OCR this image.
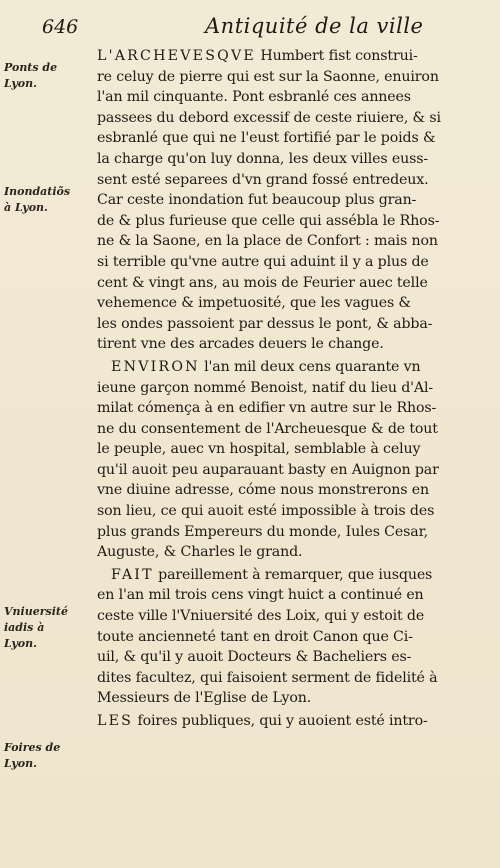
646	Antiquité de la ville
Ponts de
Lyon.
Inondatiõs
à Lyon.
Vniuersité
iadis à
Lyon.
Foires de
Lyon.
L'ARCHEVESQVE Humbert fist construi-
re celuy de pierre qui est sur la Saonne, enuiron
l'an mil cinquante. Pont esbranlé ces annees
passees du debord excessif de ceste riuiere, & si
esbranlé que qui ne l'eust fortifié par le poids &
la charge qu'on luy donna, les deux villes euss-
sent esté separees d'vn grand fossé entredeux.
Car ceste inondation fut beaucoup plus gran-
de & plus furieuse que celle qui assébla le Rhos-
ne & la Saone, en la place de Confort : mais non
si terrible qu'vne autre qui aduint il y a plus de
cent & vingt ans, au mois de Feurier auec telle
vehemence & impetuosité, que les vagues &
les ondes passoient par dessus le pont, & abba-
tirent vne des arcades deuers le change.
 ENVIRON l'an mil deux cens quarante vn
ieune garçon nommé Benoist, natif du lieu d'Al-
milat cómença à en edifier vn autre sur le Rhos-
ne du consentement de l'Archeuesque & de tout
le peuple, auec vn hospital, semblable à celuy
qu'il auoit peu auparauant basty en Auignon par
vne diuine adresse, cóme nous monstrerons en
son lieu, ce qui auoit esté impossible à trois des
plus grands Empereurs du monde, Iules Cesar,
Auguste, & Charles le grand.
 FAIT pareillement à remarquer, que iusques
en l'an mil trois cens vingt huict a continué en
ceste ville l'Vniuersité des Loix, qui y estoit de
toute ancienneté tant en droit Canon que Ci-
uil, & qu'il y auoit Docteurs & Bacheliers es-
dites facultez, qui faisoient serment de fidelité à
Messieurs de l'Eglise de Lyon.
LES foires publiques, qui y auoient esté intro-
